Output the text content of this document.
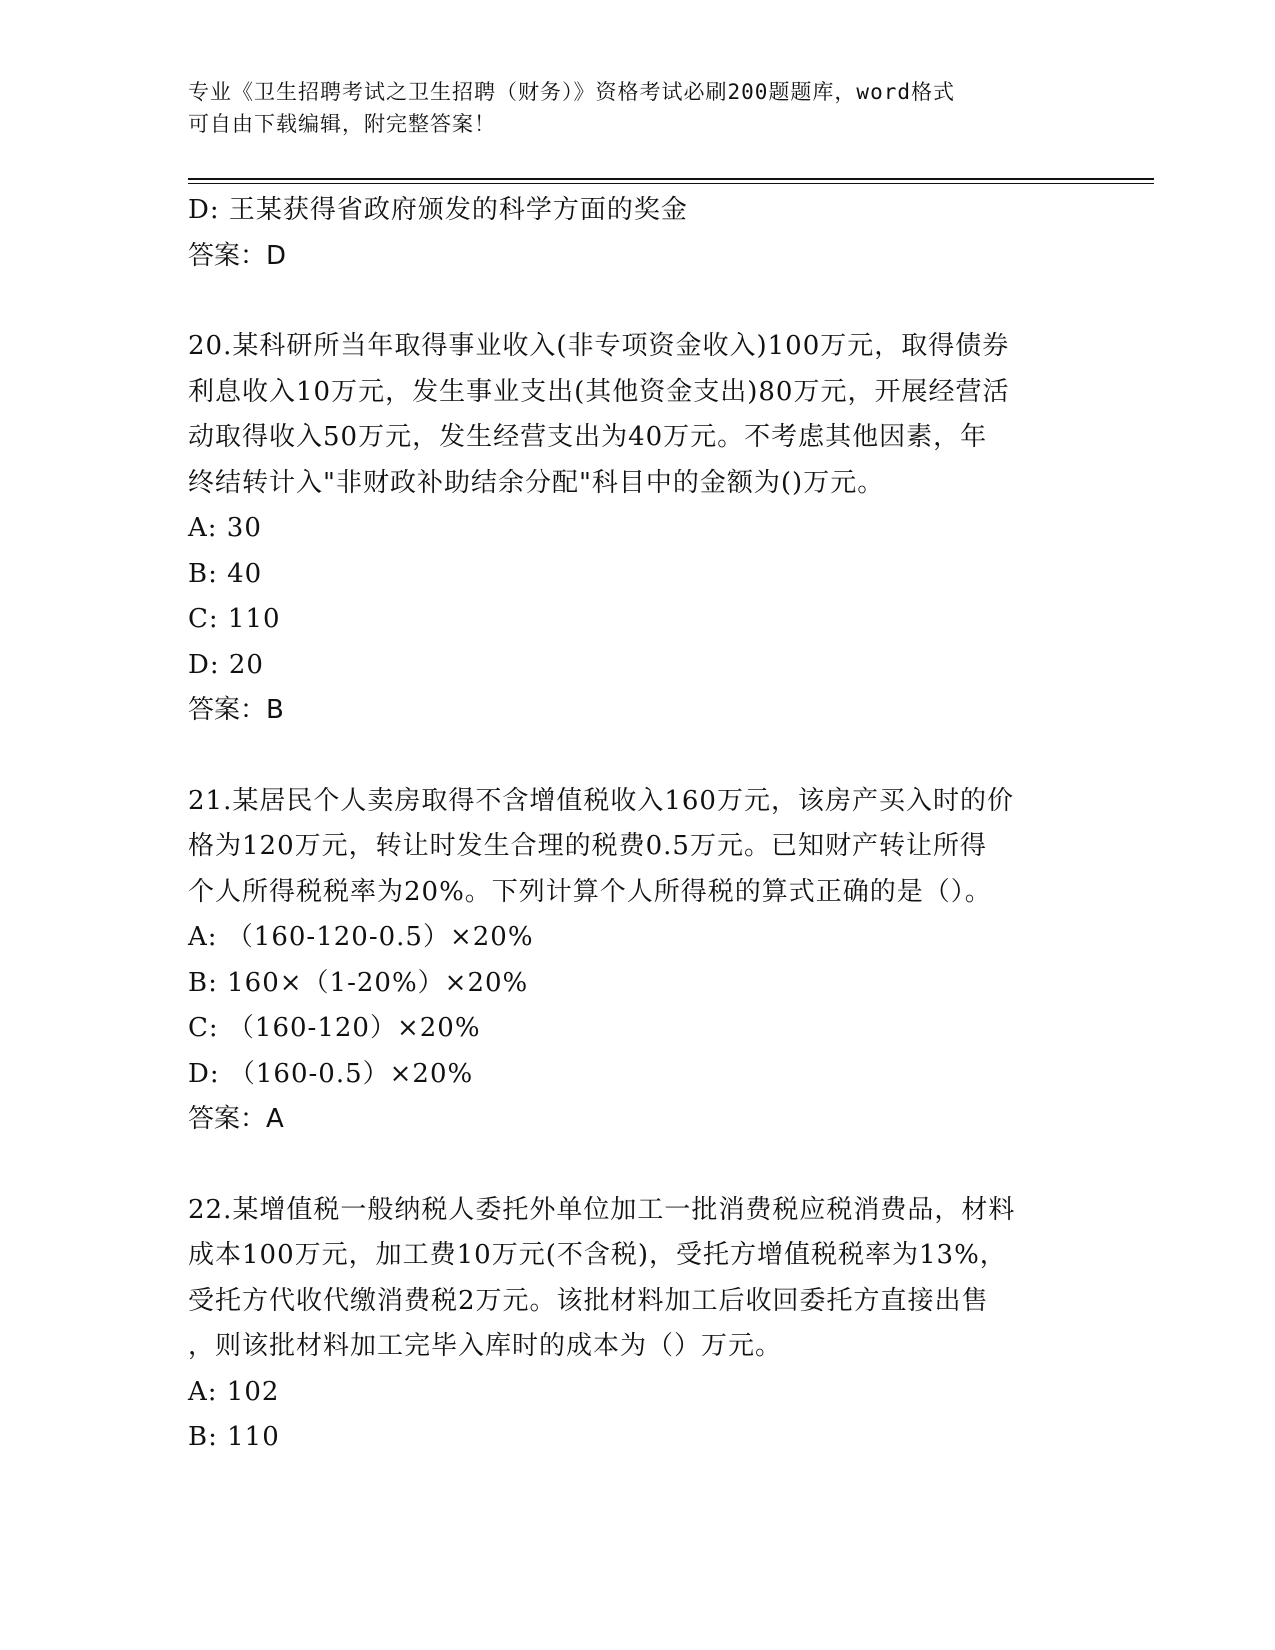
专业《卫生招聘考试之卫生招聘（财务）》资格考试必刷200题题库，word格式
可自由下载编辑，附完整答案！
D: 王某获得省政府颁发的科学方面的奖金
答案：D
20.某科研所当年取得事业收入(非专项资金收入)100万元，取得债券
利息收入10万元，发生事业支出(其他资金支出)80万元，开展经营活
动取得收入50万元，发生经营支出为40万元。不考虑其他因素，年
终结转计入"非财政补助结余分配"科目中的金额为()万元。
A: 30
B: 40
C: 110
D: 20
答案：B
21.某居民个人卖房取得不含增值税收入160万元，该房产买入时的价
格为120万元，转让时发生合理的税费0.5万元。已知财产转让所得
个人所得税税率为20%。下列计算个人所得税的算式正确的是（）。
A: （160-120-0.5）×20%
B: 160×（1-20%）×20%
C: （160-120）×20%
D: （160-0.5）×20%
答案：A
22.某增值税一般纳税人委托外单位加工一批消费税应税消费品，材料
成本100万元，加工费10万元(不含税)，受托方增值税税率为13%，
受托方代收代缴消费税2万元。该批材料加工后收回委托方直接出售
，则该批材料加工完毕入库时的成本为（）万元。
A: 102
B: 110
